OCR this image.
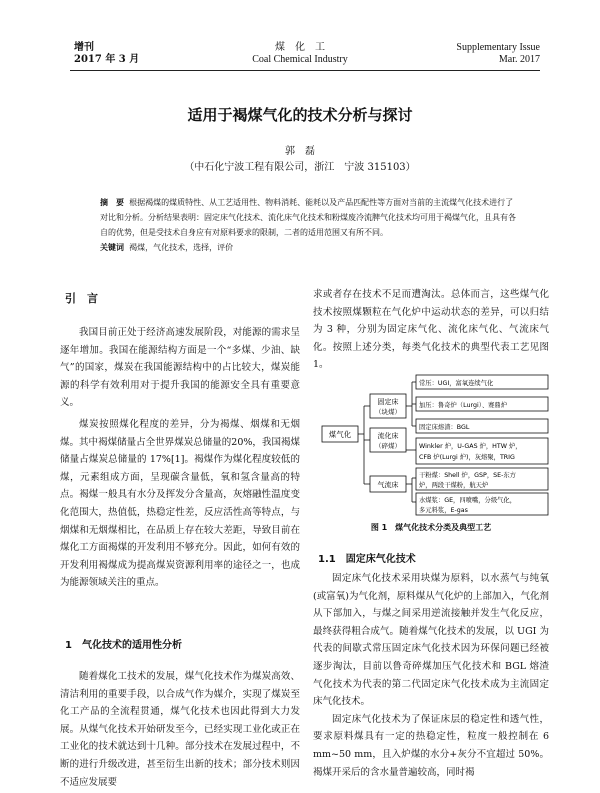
增刊
2017 年 3 月
煤　化　工
Coal Chemical Industry
Supplementary Issue
Mar. 2017
适用于褐煤气化的技术分析与探讨
郭　磊
（中石化宁波工程有限公司，浙江　宁波 315103）
摘　要 根据褐煤的煤质特性、从工艺适用性、物料消耗、能耗以及产品匹配性等方面对当前的主流煤气化技术进行了对比和分析。分析结果表明：固定床气化技术、流化床气化技术和粉煤废冷流脾气化技术均可用于褐煤气化，且具有各自的优势，但是受技术自身应有对原料要求的限制，二者的适用范围又有所不同。
关键词 褐煤，气化技术，选择，评价
引　言

我国目前正处于经济高速发展阶段，对能源的需求呈逐年增加。我国在能源结构方面是一个“多煤、少油、缺气”的国家，煤炭在我国能源结构中的占比较大，煤炭能源的科学有效利用对于提升我国的能源安全具有重要意义。

煤炭按照煤化程度的差异，分为褐煤、烟煤和无烟煤。其中褐煤储量占全世界煤炭总储量的20%，我国褐煤储量占煤炭总储量的 17%[1]。褐煤作为煤化程度较低的煤，元素组成方面，呈现碳含量低，氧和氢含量高的特点。褐煤一般具有水分及挥发分含量高，灰熔融性温度变化范围大，热值低，热稳定性差，反应活性高等特点，与烟煤和无烟煤相比，在品质上存在较大差距，导致目前在煤化工方面褐煤的开发利用不够充分。因此，如何有效的开发利用褐煤成为提高煤炭资源利用率的途径之一，也成为能源领域关注的重点。

1　气化技术的适用性分析

随着煤化工技术的发展，煤气化技术作为煤炭高效、清洁利用的重要手段，以合成气作为媒介，实现了煤炭至化工产品的全流程贯通，煤气化技术也因此得到大力发展。从煤气化技术开始研发至今，已经实现工业化或正在工业化的技术就达到十几种。部分技术在发展过程中，不断的进行升级改进，甚至衍生出新的技术；部分技术则因不适应发展要

求或者存在技术不足而遭淘汰。总体而言，这些煤气化技术按照煤颗粒在气化炉中运动状态的差异，可以归结为 3 种，分别为固定床气化、流化床气化、气流床气化。按照上述分类，每类气化技术的典型代表工艺见图 1。

煤气化
固定床
（块煤）
常压：UGI，富氧连续气化
加压：鲁奇炉（Lurgi）、赛鼎炉
固定床熔渣：BGL
流化床
（碎煤）	Winkler 炉，U-GAS 炉，HTW 炉，
CFB 炉(Lurgi 炉)，灰熔聚，TRIG
气流床
干粉煤：Shell 炉，GSP，SE-东方
炉，两段干煤粉，航天炉
水煤浆：GE，四喷嘴，分级气化，
多元料浆，E-gas
图 1　煤气化技术分类及典型工艺
1.1　固定床气化技术

固定床气化技术采用块煤为原料，以水蒸气与纯氧(或富氧)为气化剂，原料煤从气化炉的上部加入，气化剂从下部加入，与煤之间采用逆流接触并发生气化反应，最终获得粗合成气。随着煤气化技术的发展，以 UGI 为代表的间歇式常压固定床气化技术因为环保问题已经被逐步淘汰，目前以鲁奇碎煤加压气化技术和 BGL 熔渣气化技术为代表的第二代固定床气化技术成为主流固定床气化技术。

固定床气化技术为了保证床层的稳定性和透气性，要求原料煤具有一定的热稳定性，粒度一般控制在 6 mm~50 mm，且入炉煤的水分+灰分不宜超过 50%。褐煤开采后的含水量普遍较高，同时褐
